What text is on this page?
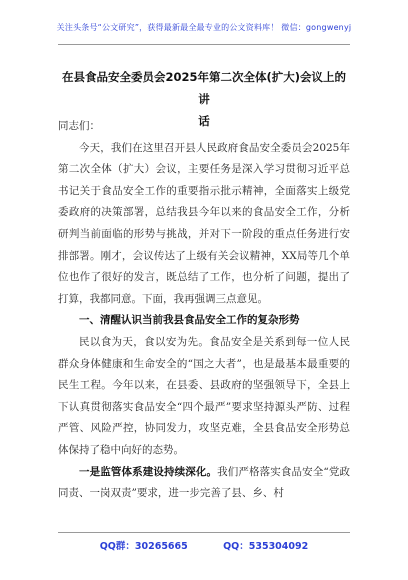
关注头条号“公文研究”，获得最新最全最专业的公文资料库！ 微信：gongwenyj
在县食品安全委员会2025年第二次全体(扩大)会议上的讲
话

同志们：

今天，我们在这里召开县人民政府食品安全委员会2025年第二次全体（扩大）会议，主要任务是深入学习贯彻习近平总书记关于食品安全工作的重要指示批示精神，全面落实上级党委政府的决策部署，总结我县今年以来的食品安全工作，分析研判当前面临的形势与挑战，并对下一阶段的重点任务进行安排部署。刚才，会议传达了上级有关会议精神，XX局等几个单位也作了很好的发言，既总结了工作，也分析了问题，提出了打算，我都同意。下面，我再强调三点意见。

一、清醒认识当前我县食品安全工作的复杂形势

民以食为天，食以安为先。食品安全是关系到每一位人民群众身体健康和生命安全的“国之大者”，也是最基本最重要的民生工程。今年以来，在县委、县政府的坚强领导下，全县上下认真贯彻落实食品安全“四个最严”要求坚持源头严防、过程严管、风险严控，协同发力，攻坚克难，全县食品安全形势总体保持了稳中向好的态势。

一是监管体系建设持续深化。我们严格落实食品安全“党政同责、一岗双责”要求，进一步完善了县、乡、村

QQ群：30265665	QQ：535304092
